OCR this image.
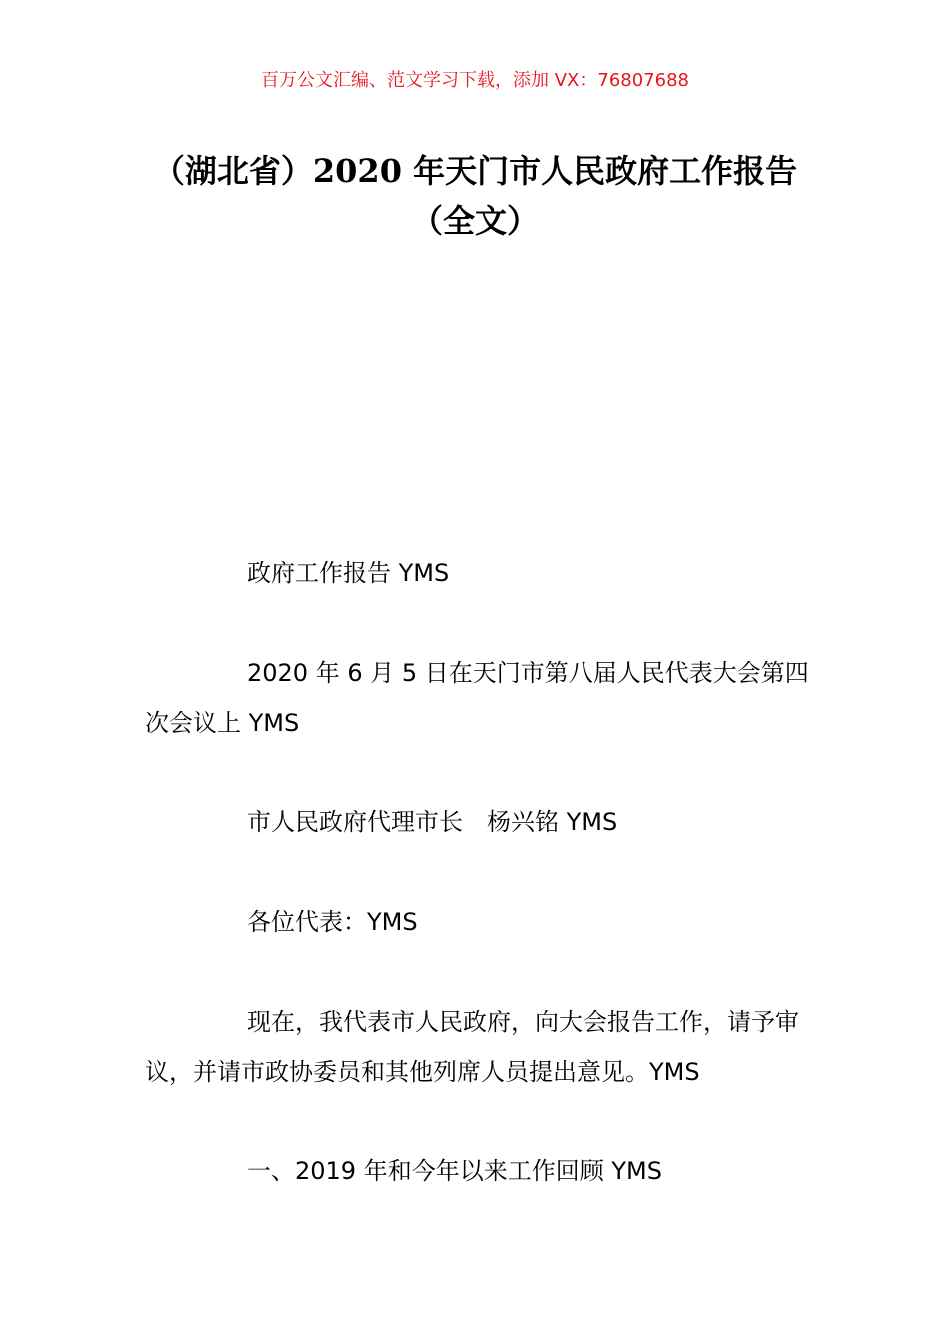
百万公文汇编、范文学习下载，添加 VX：76807688
（湖北省）2020 年天门市人民政府工作报告（全文）

政府工作报告 YMS

2020 年 6 月 5 日在天门市第八届人民代表大会第四次会议上 YMS

市人民政府代理市长　杨兴铭 YMS

各位代表：YMS

现在，我代表市人民政府，向大会报告工作，请予审议，并请市政协委员和其他列席人员提出意见。YMS

一、2019 年和今年以来工作回顾 YMS
